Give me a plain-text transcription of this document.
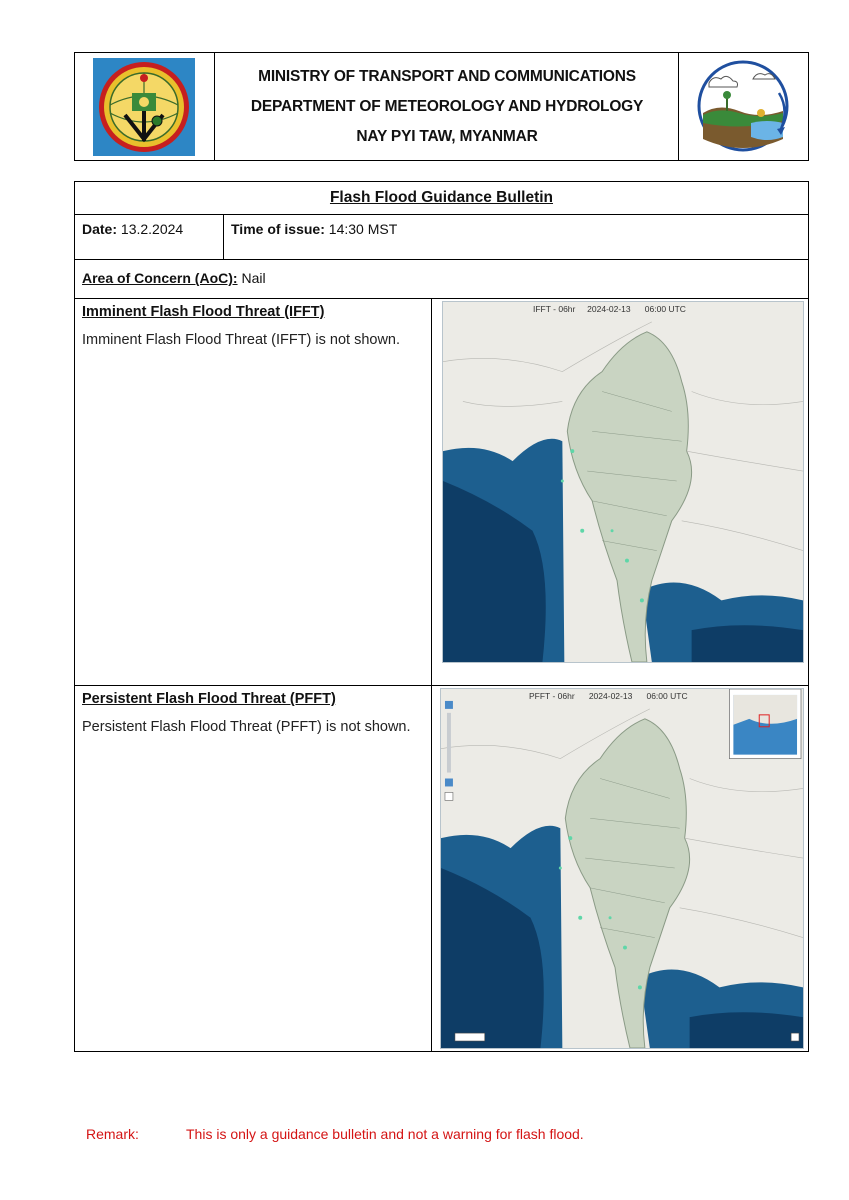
MINISTRY OF TRANSPORT AND COMMUNICATIONS
DEPARTMENT OF METEOROLOGY AND HYDROLOGY
NAY PYI TAW, MYANMAR
Flash Flood Guidance Bulletin
Date: 13.2.2024	Time of issue: 14:30 MST
Area of Concern (AoC): Nail
Imminent Flash Flood Threat (IFFT)
Imminent Flash Flood Threat (IFFT) is not shown.
IFFT - 06hr     2024-02-13      06:00 UTC
Persistent Flash Flood Threat (PFFT)
Persistent Flash Flood Threat (PFFT) is not shown.
PFFT - 06hr      2024-02-13      06:00 UTC
Remark:	This is only a guidance bulletin and not a warning for flash flood.
